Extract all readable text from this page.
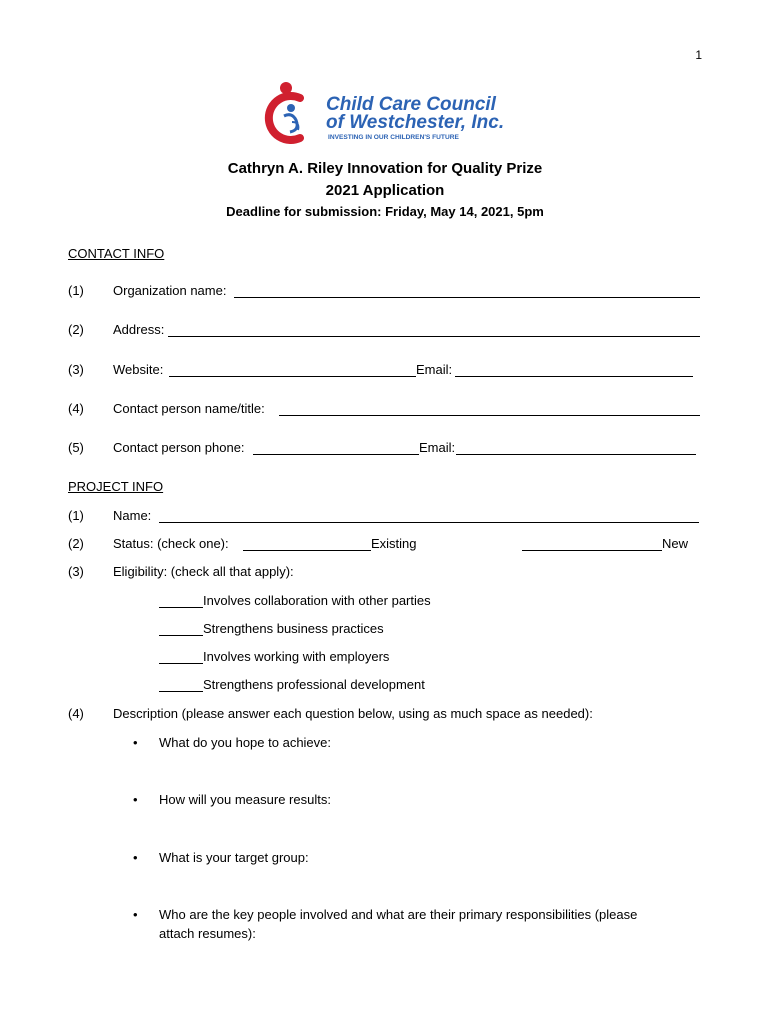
1
Child Care Council
of Westchester, Inc.
INVESTING IN OUR CHILDREN'S FUTURE
Cathryn A. Riley Innovation for Quality Prize
2021 Application
Deadline for submission: Friday, May 14, 2021, 5pm
CONTACT INFO
(1) Organization name:
(2) Address:
(3) Website:	Email:
(4) Contact person name/title:
(5) Contact person phone:	Email:
PROJECT INFO
(1) Name:
(2) Status: (check one):	Existing	New
(3) Eligibility: (check all that apply):
Involves collaboration with other parties
Strengthens business practices
Involves working with employers
Strengthens professional development
(4) Description (please answer each question below, using as much space as needed):
• What do you hope to achieve:
• How will you measure results:
• What is your target group:
• Who are the key people involved and what are their primary responsibilities (please
attach resumes):
